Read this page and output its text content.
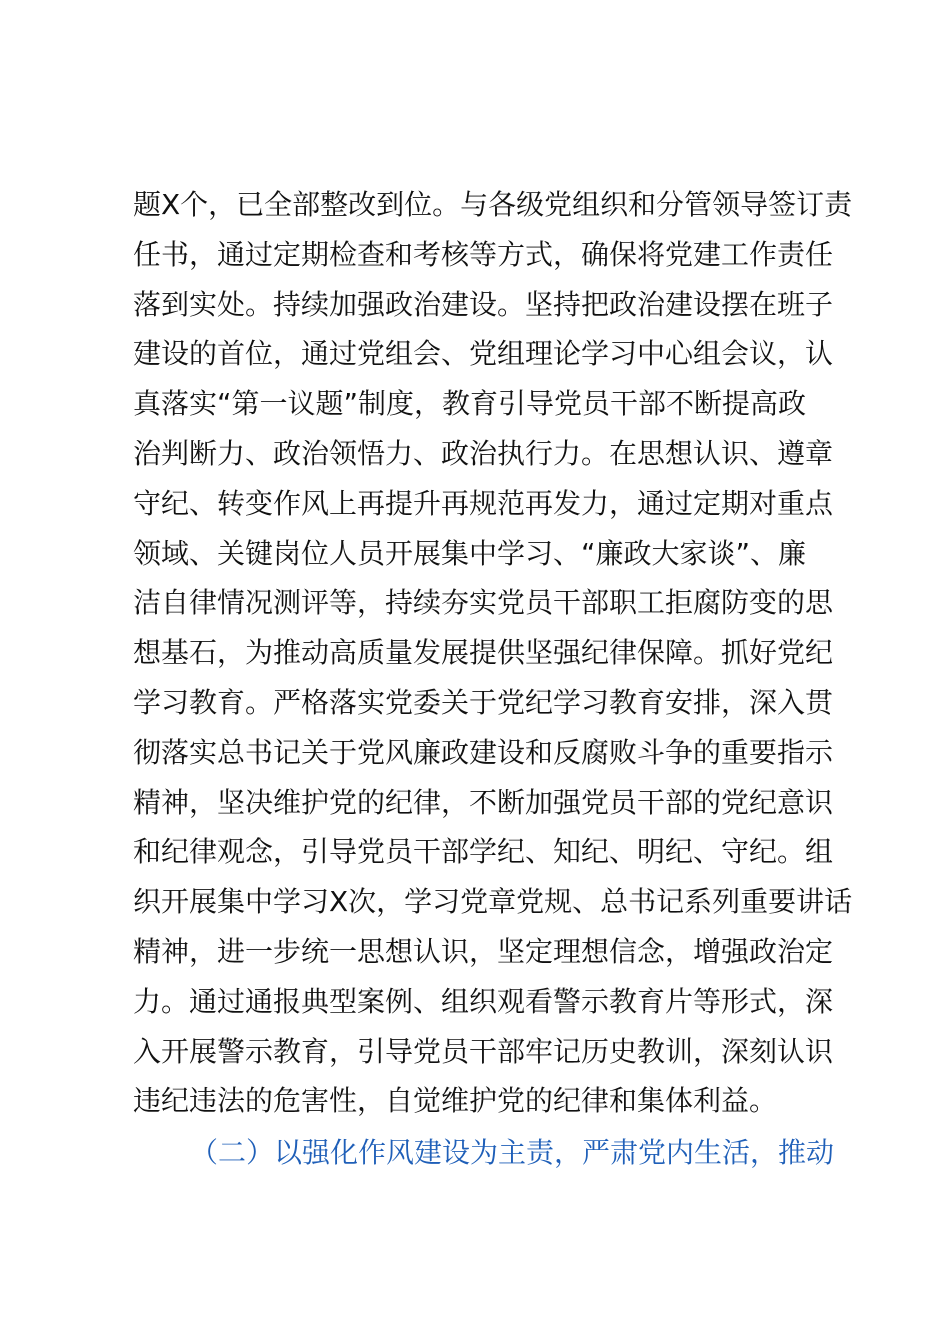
题X个，已全部整改到位。与各级党组织和分管领导签订责
任书，通过定期检查和考核等方式，确保将党建工作责任
落到实处。持续加强政治建设。坚持把政治建设摆在班子
建设的首位，通过党组会、党组理论学习中心组会议，认
真落实“第一议题”制度，教育引导党员干部不断提高政
治判断力、政治领悟力、政治执行力。在思想认识、遵章
守纪、转变作风上再提升再规范再发力，通过定期对重点
领域、关键岗位人员开展集中学习、“廉政大家谈”、廉
洁自律情况测评等，持续夯实党员干部职工拒腐防变的思
想基石，为推动高质量发展提供坚强纪律保障。抓好党纪
学习教育。严格落实党委关于党纪学习教育安排，深入贯
彻落实总书记关于党风廉政建设和反腐败斗争的重要指示
精神，坚决维护党的纪律，不断加强党员干部的党纪意识
和纪律观念，引导党员干部学纪、知纪、明纪、守纪。组
织开展集中学习X次，学习党章党规、总书记系列重要讲话
精神，进一步统一思想认识，坚定理想信念，增强政治定
力。通过通报典型案例、组织观看警示教育片等形式，深
入开展警示教育，引导党员干部牢记历史教训，深刻认识
违纪违法的危害性，自觉维护党的纪律和集体利益。
（二）以强化作风建设为主责，严肃党内生活，推动
